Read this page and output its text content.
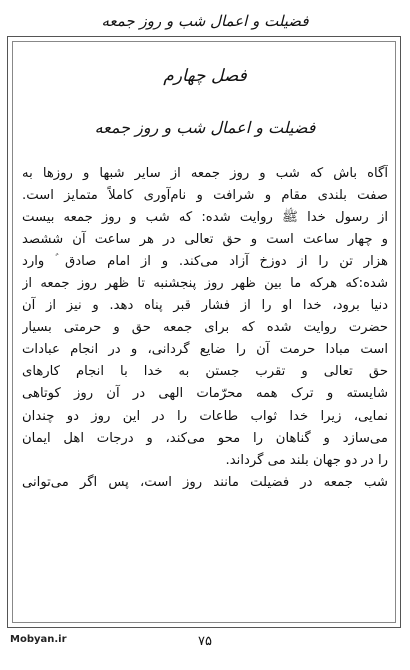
فضیلت و اعمال شب و روز جمعه
فصل چهارم
فضیلت و اعمال شب و روز جمعه
آگاه باش که شب و روز جمعه از سایر شبها و روزها به
صفت بلندی مقام و شرافت و نام‌آوری کاملاً متمایز است.
از رسول خدا ﷺ روایت شده: که شب و روز جمعه بیست
و چهار ساعت است و حق تعالی در هر ساعت آن ششصد
هزار تن را از دوزخ آزاد می‌کند. و از امام صادق ؑ وارد
شده:که هرکه ما بین ظهر روز پنجشنبه تا ظهر روز جمعه از
دنیا برود، خدا او را از فشار قبر پناه دهد. و نیز از آن
حضرت روایت شده که برای جمعه حق و حرمتی بسیار
است مبادا حرمت آن را ضایع گردانی، و در انجام عبادات
حق تعالی و تقرب جستن به خدا با انجام کارهای
شایسته و ترک همه محرّمات الهی در آن روز کوتاهی
نمایی، زیرا خدا ثواب طاعات را در این روز دو چندان
می‌سازد و گناهان را محو می‌کند، و درجات اهل ایمان
را در دو جهان بلند می گرداند.
شب جمعه در فضیلت مانند روز است، پس اگر می‌توانی
Mobyan.ir	۷۵
